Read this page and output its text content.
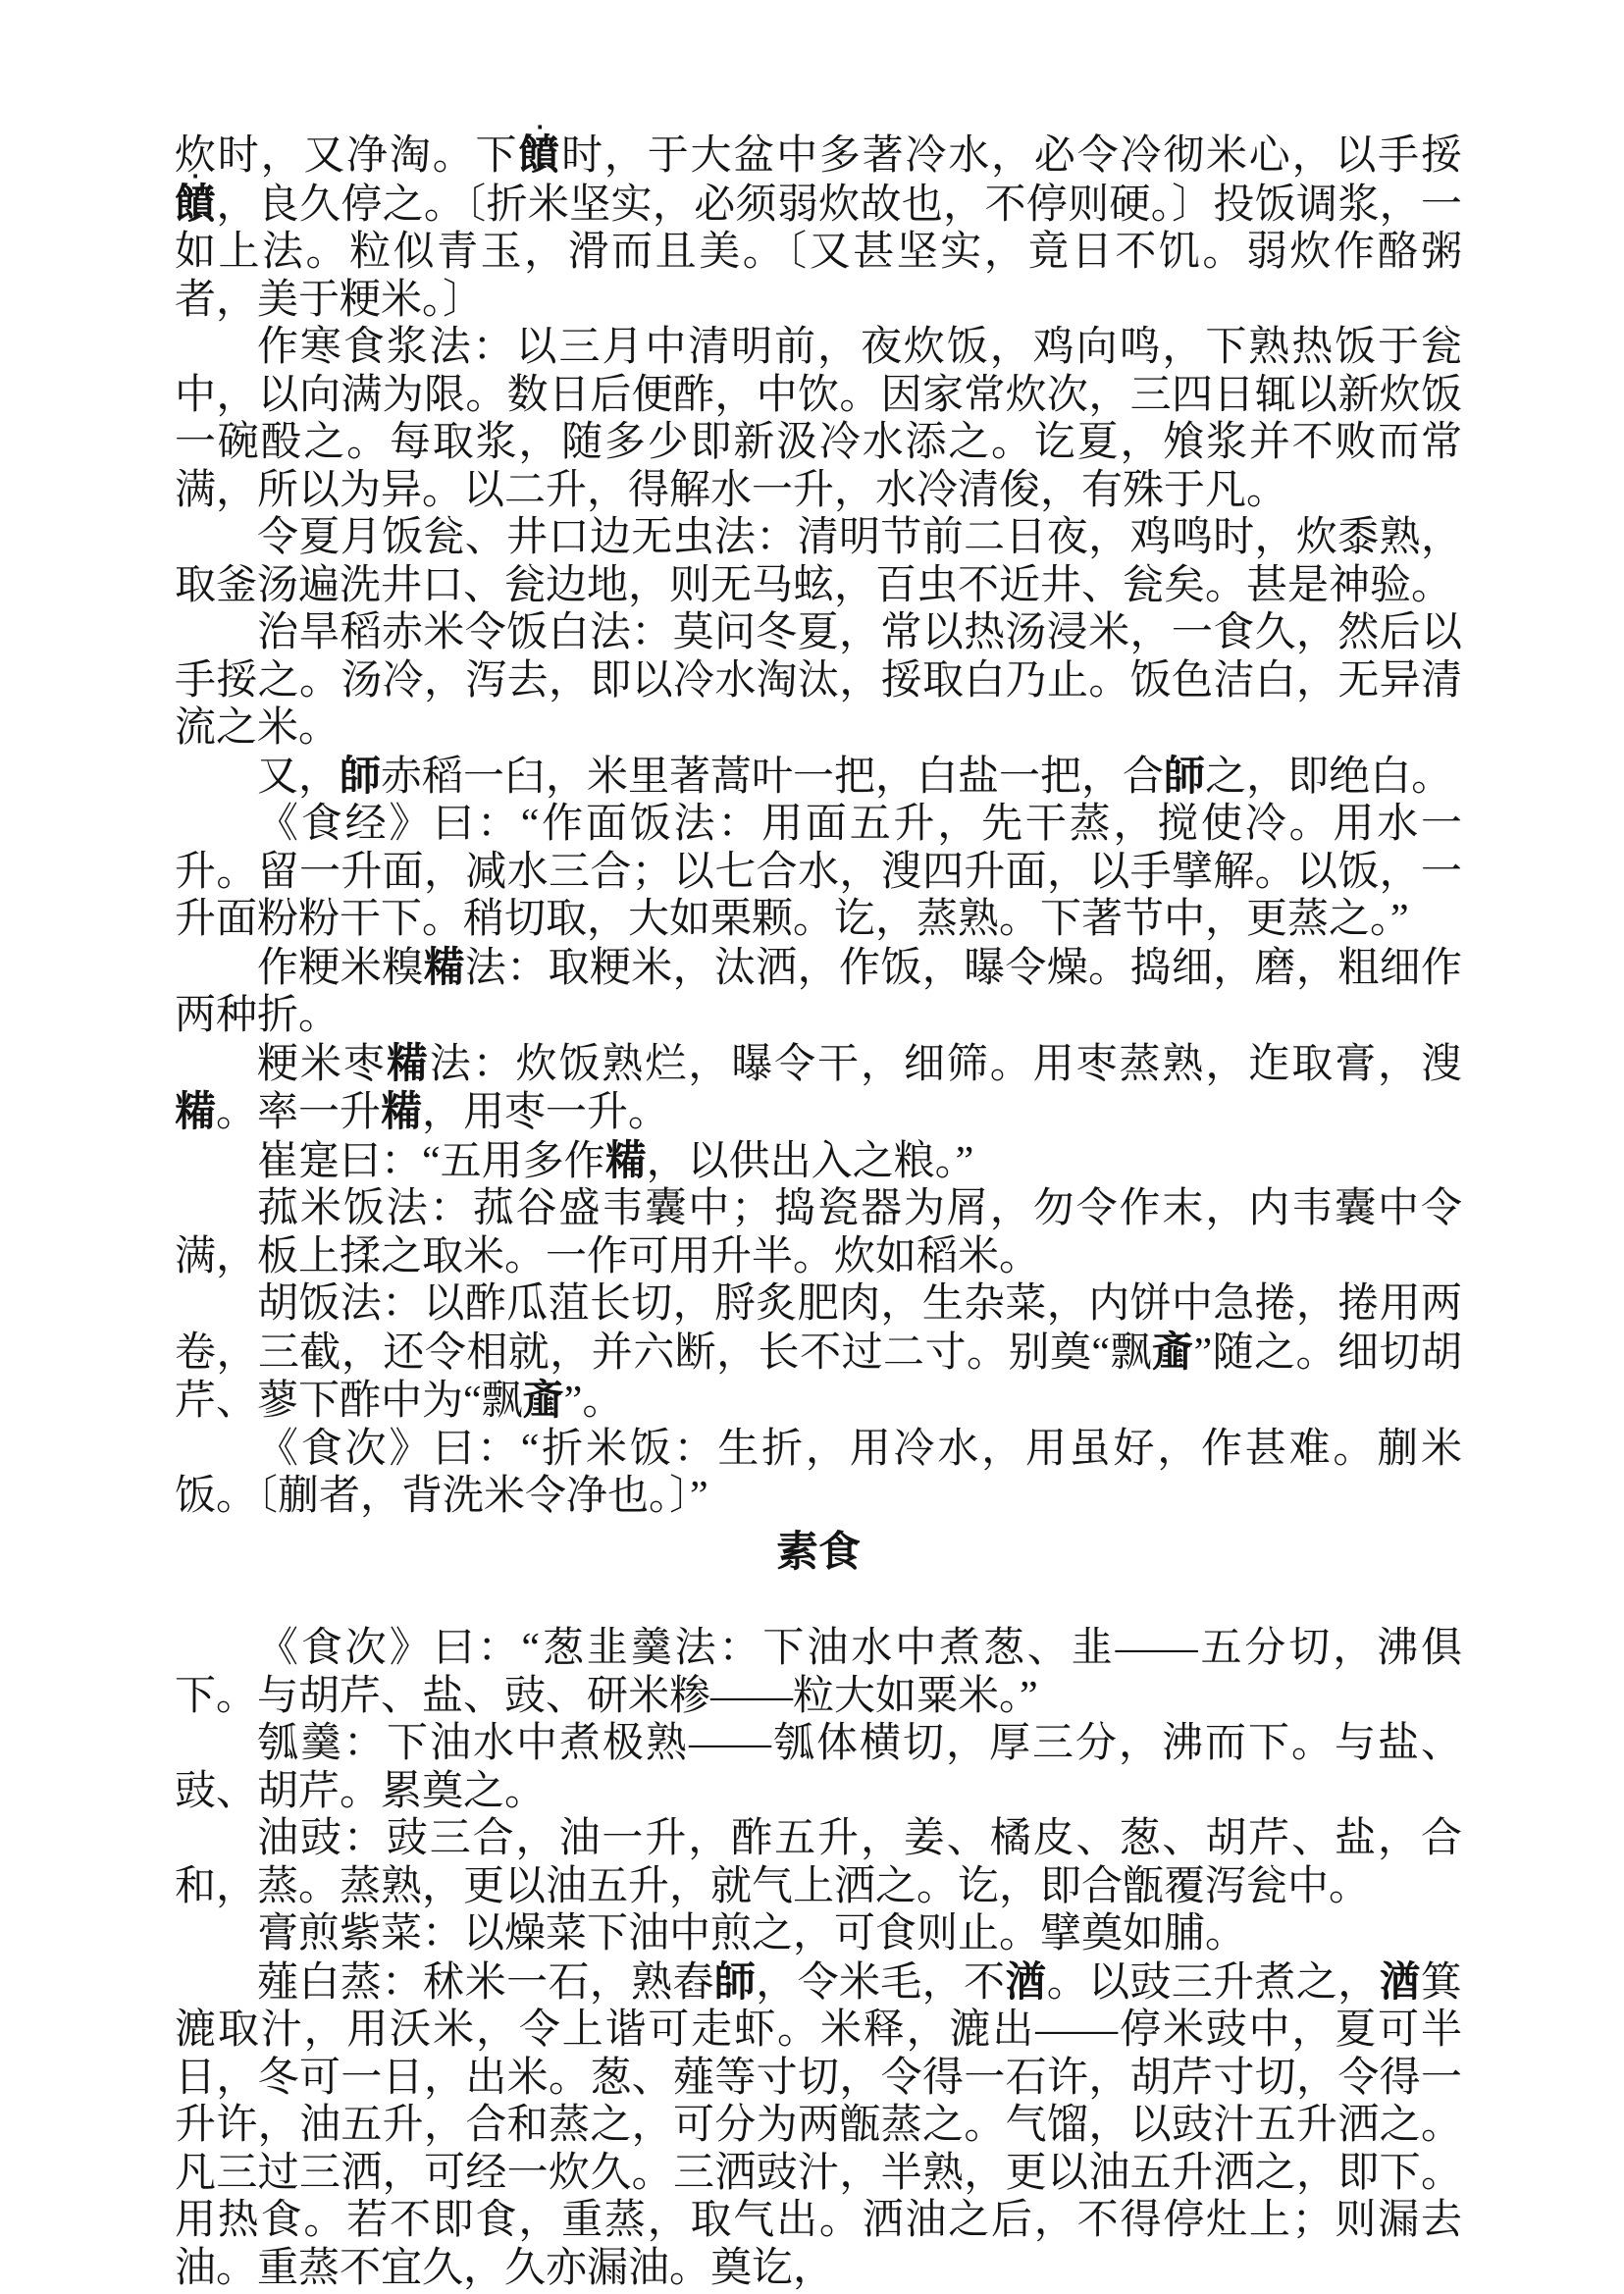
炊时，又净淘。下饙时，于大盆中多著冷水，必令冷彻米心，以手挼饙，良久停之。〔折米坚实，必须弱炊故也，不停则硬。〕投饭调浆，一如上法。粒似青玉，滑而且美。〔又甚坚实，竟日不饥。弱炊作酪粥者，美于粳米。〕

作寒食浆法：以三月中清明前，夜炊饭，鸡向鸣，下熟热饭于瓮中，以向满为限。数日后便酢，中饮。因家常炊次，三四日辄以新炊饭一碗酘之。每取浆，随多少即新汲冷水添之。讫夏，飧浆并不败而常满，所以为异。以二升，得解水一升，水冷清俊，有殊于凡。

令夏月饭瓮、井口边无虫法：清明节前二日夜，鸡鸣时，炊黍熟，取釜汤遍洗井口、瓮边地，则无马蚿，百虫不近井、瓮矣。甚是神验。

治旱稻赤米令饭白法：莫问冬夏，常以热汤浸米，一食久，然后以手挼之。汤冷，泻去，即以冷水淘汰，挼取白乃止。饭色洁白，无异清流之米。

又，師赤稻一臼，米里著蒿叶一把，白盐一把，合師之，即绝白。

《食经》曰：“作面饭法：用面五升，先干蒸，搅使冷。用水一升。留一升面，减水三合；以七合水，溲四升面，以手擘解。以饭，一升面粉粉干下。稍切取，大如栗颗。讫，蒸熟。下著节中，更蒸之。”

作粳米糗糒法：取粳米，汰洒，作饭，曝令燥。捣细，磨，粗细作两种折。

粳米枣糒法：炊饭熟烂，曝令干，细筛。用枣蒸熟，迮取膏，溲糒。率一升糒，用枣一升。

崔寔曰：“五用多作糒，以供出入之粮。”

菰米饭法：菰谷盛韦囊中；捣瓷器为屑，勿令作末，内韦囊中令满，板上揉之取米。一作可用升半。炊如稻米。

胡饭法：以酢瓜菹长切，脟炙肥肉，生杂菜，内饼中急捲，捲用两卷，三截，还令相就，并六断，长不过二寸。别奠“飘齑”随之。细切胡芹、蓼下酢中为“飘齑”。

《食次》曰：“折米饭：生折，用冷水，用虽好，作甚难。蒯米饭。〔蒯者，背洗米令净也。〕”

素食

《食次》曰：“葱韭羹法：下油水中煮葱、韭——五分切，沸俱下。与胡芹、盐、豉、研米糁——粒大如粟米。”

瓠羹：下油水中煮极熟——瓠体横切，厚三分，沸而下。与盐、豉、胡芹。累奠之。

油豉：豉三合，油一升，酢五升，姜、橘皮、葱、胡芹、盐，合和，蒸。蒸熟，更以油五升，就气上洒之。讫，即合甑覆泻瓮中。

膏煎紫菜：以燥菜下油中煎之，可食则止。擘奠如脯。

薤白蒸：秫米一石，熟舂師，令米毛，不湭。以豉三升煮之，湭箕漉取汁，用沃米，令上谐可走虾。米释，漉出——停米豉中，夏可半日，冬可一日，出米。葱、薤等寸切，令得一石许，胡芹寸切，令得一升许，油五升，合和蒸之，可分为两甑蒸之。气馏，以豉汁五升洒之。凡三过三洒，可经一炊久。三洒豉汁，半熟，更以油五升洒之，即下。用热食。若不即食，重蒸，取气出。洒油之后，不得停灶上；则漏去油。重蒸不宜久，久亦漏油。奠讫，
